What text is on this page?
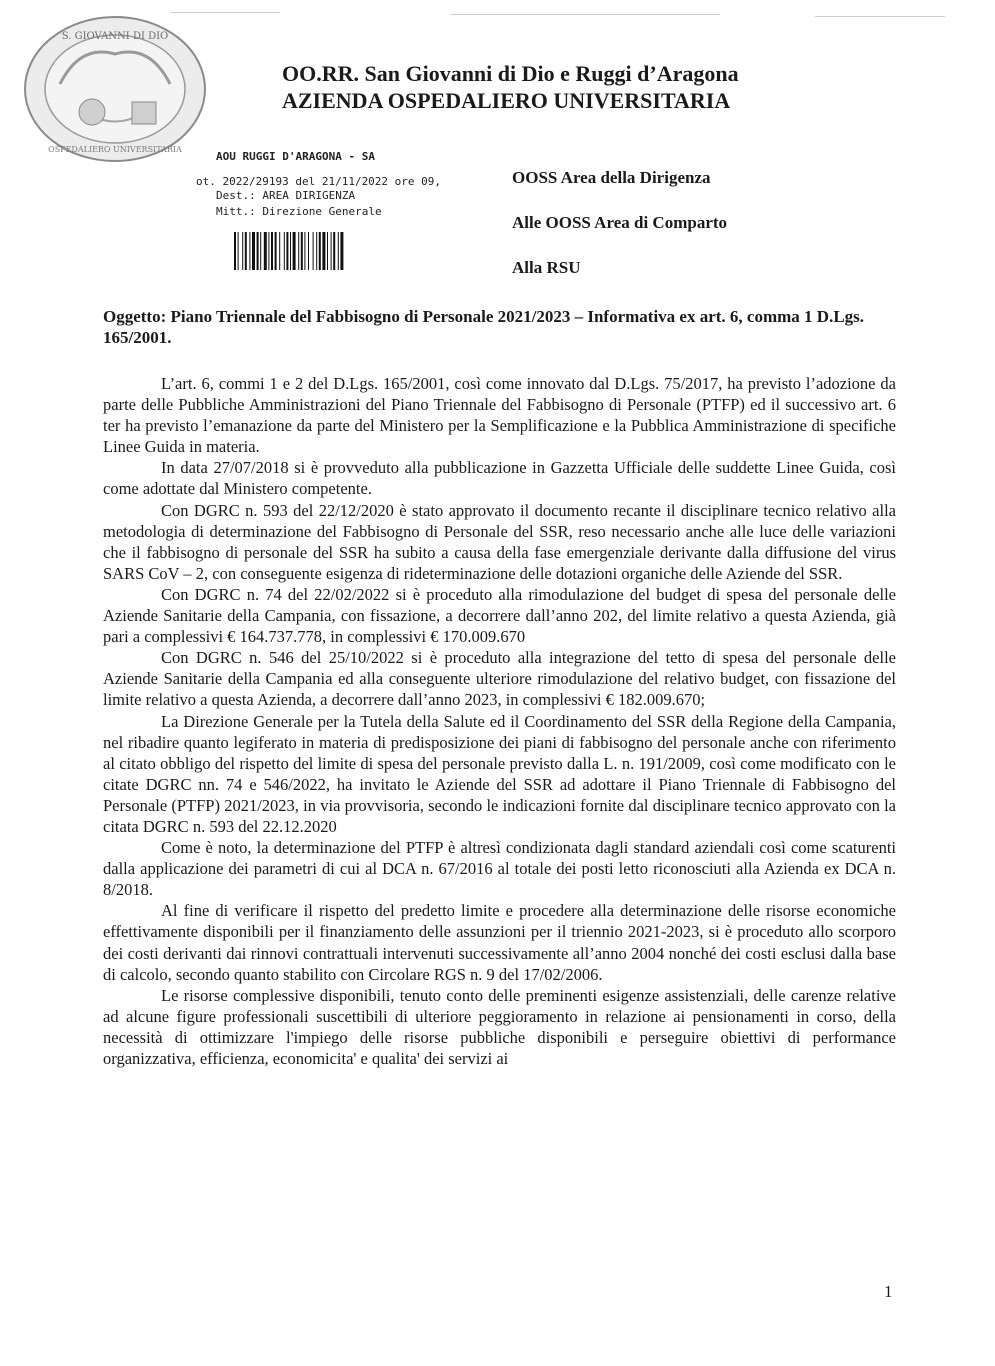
S. GIOVANNI DI DIO
OSPEDALIERO UNIVERSITARIA
OO.RR. San Giovanni di Dio e Ruggi d’Aragona
AZIENDA OSPEDALIERO UNIVERSITARIA
AOU RUGGI D'ARAGONA - SA
ot. 2022/29193 del 21/11/2022 ore 09,
Dest.: AREA DIRIGENZA
Mitt.: Direzione Generale
OOSS Area della Dirigenza
Alle OOSS Area di Comparto
Alla RSU
Oggetto: Piano Triennale del Fabbisogno di Personale 2021/2023 – Informativa ex art. 6, comma 1 D.Lgs. 165/2001.

L’art. 6, commi 1 e 2 del D.Lgs. 165/2001, così come innovato dal D.Lgs. 75/2017, ha previsto l’adozione da parte delle Pubbliche Amministrazioni del Piano Triennale del Fabbisogno di Personale (PTFP) ed il successivo art. 6 ter ha previsto l’emanazione da parte del Ministero per la Semplificazione e la Pubblica Amministrazione di specifiche Linee Guida in materia.

In data 27/07/2018 si è provveduto alla pubblicazione in Gazzetta Ufficiale delle suddette Linee Guida, così come adottate dal Ministero competente.

Con DGRC n. 593 del 22/12/2020 è stato approvato il documento recante il disciplinare tecnico relativo alla metodologia di determinazione del Fabbisogno di Personale del SSR, reso necessario anche alle luce delle variazioni che il fabbisogno di personale del SSR ha subito a causa della fase emergenziale derivante dalla diffusione del virus SARS CoV – 2, con conseguente esigenza di rideterminazione delle dotazioni organiche delle Aziende del SSR.

Con DGRC n. 74 del 22/02/2022 si è proceduto alla rimodulazione del budget di spesa del personale delle Aziende Sanitarie della Campania, con fissazione, a decorrere dall’anno 202, del limite relativo a questa Azienda, già pari a complessivi € 164.737.778, in complessivi € 170.009.670

Con DGRC n. 546 del 25/10/2022 si è proceduto alla integrazione del tetto di spesa del personale delle Aziende Sanitarie della Campania ed alla conseguente ulteriore rimodulazione del relativo budget, con fissazione del limite relativo a questa Azienda, a decorrere dall’anno 2023, in complessivi € 182.009.670;

La Direzione Generale per la Tutela della Salute ed il Coordinamento del SSR della Regione della Campania, nel ribadire quanto legiferato in materia di predisposizione dei piani di fabbisogno del personale anche con riferimento al citato obbligo del rispetto del limite di spesa del personale previsto dalla L. n. 191/2009, così come modificato con le citate DGRC nn. 74 e 546/2022, ha invitato le Aziende del SSR ad adottare il Piano Triennale di Fabbisogno del Personale (PTFP) 2021/2023, in via provvisoria, secondo le indicazioni fornite dal disciplinare tecnico approvato con la citata DGRC n. 593 del 22.12.2020

Come è noto, la determinazione del PTFP è altresì condizionata dagli standard aziendali così come scaturenti dalla applicazione dei parametri di cui al DCA n. 67/2016 al totale dei posti letto riconosciuti alla Azienda ex DCA n. 8/2018.

Al fine di verificare il rispetto del predetto limite e procedere alla determinazione delle risorse economiche effettivamente disponibili per il finanziamento delle assunzioni per il triennio 2021-2023, si è proceduto allo scorporo dei costi derivanti dai rinnovi contrattuali intervenuti successivamente all’anno 2004 nonché dei costi esclusi dalla base di calcolo, secondo quanto stabilito con Circolare RGS n. 9 del 17/02/2006.

Le risorse complessive disponibili, tenuto conto delle preminenti esigenze assistenziali, delle carenze relative ad alcune figure professionali suscettibili di ulteriore peggioramento in relazione ai pensionamenti in corso, della necessità di ottimizzare l'impiego delle risorse pubbliche disponibili e perseguire obiettivi di performance organizzativa, efficienza, economicita' e qualita' dei servizi ai

1
